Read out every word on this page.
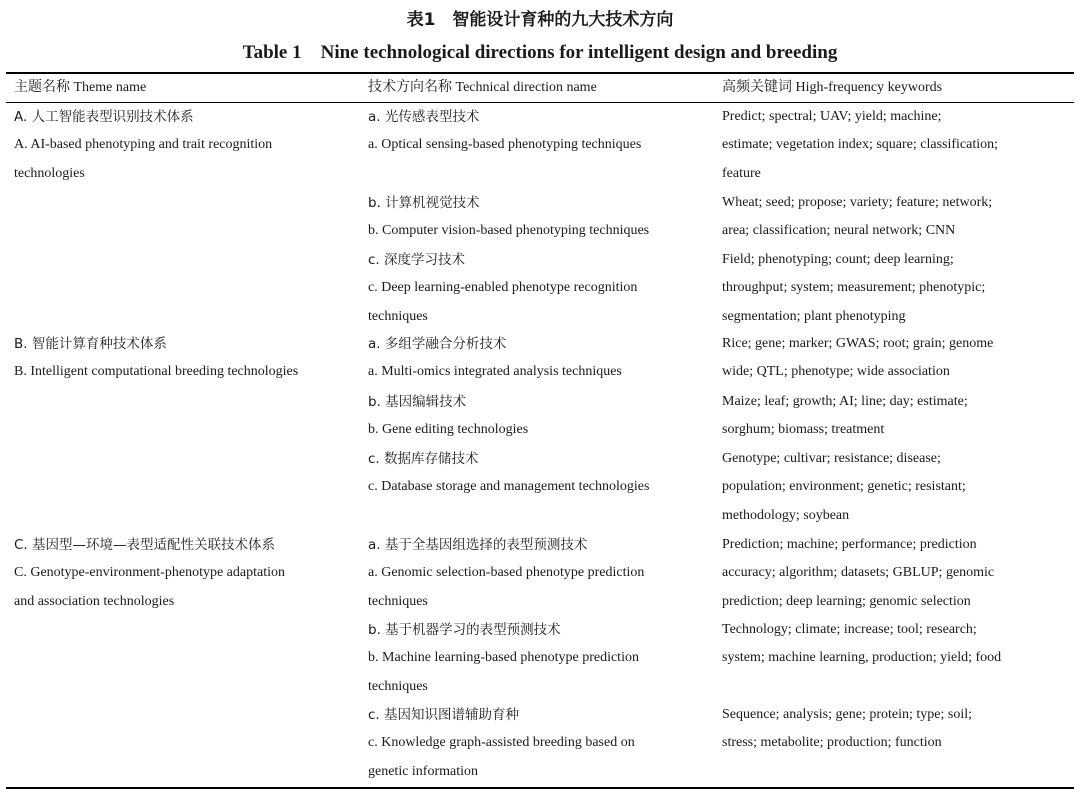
表1　智能设计育种的九大技术方向
Table 1　Nine technological directions for intelligent design and breeding
主题名称 Theme name	技术方向名称 Technical direction name	高频关键词 High-frequency keywords
A. 人工智能表型识别技术体系
A. AI-based phenotyping and trait recognition
technologies
B. 智能计算育种技术体系
B. Intelligent computational breeding technologies
C. 基因型—环境—表型适配性关联技术体系
C. Genotype-environment-phenotype adaptation
and association technologies
a. 光传感表型技术
a. Optical sensing-based phenotyping techniques
b. 计算机视觉技术
b. Computer vision-based phenotyping techniques
c. 深度学习技术
c. Deep learning-enabled phenotype recognition
techniques
a. 多组学融合分析技术
a. Multi-omics integrated analysis techniques
b. 基因编辑技术
b. Gene editing technologies
c. 数据库存储技术
c. Database storage and management technologies
a. 基于全基因组选择的表型预测技术
a. Genomic selection-based phenotype prediction
techniques
b. 基于机器学习的表型预测技术
b. Machine learning-based phenotype prediction
techniques
c. 基因知识图谱辅助育种
c. Knowledge graph-assisted breeding based on
genetic information
Predict; spectral; UAV; yield; machine;
estimate; vegetation index; square; classification;
feature
Wheat; seed; propose; variety; feature; network;
area; classification; neural network; CNN
Field; phenotyping; count; deep learning;
throughput; system; measurement; phenotypic;
segmentation; plant phenotyping
Rice; gene; marker; GWAS; root; grain; genome
wide; QTL; phenotype; wide association
Maize; leaf; growth; AI; line; day; estimate;
sorghum; biomass; treatment
Genotype; cultivar; resistance; disease;
population; environment; genetic; resistant;
methodology; soybean
Prediction; machine; performance; prediction
accuracy; algorithm; datasets; GBLUP; genomic
prediction; deep learning; genomic selection
Technology; climate; increase; tool; research;
system; machine learning, production; yield; food
Sequence; analysis; gene; protein; type; soil;
stress; metabolite; production; function
